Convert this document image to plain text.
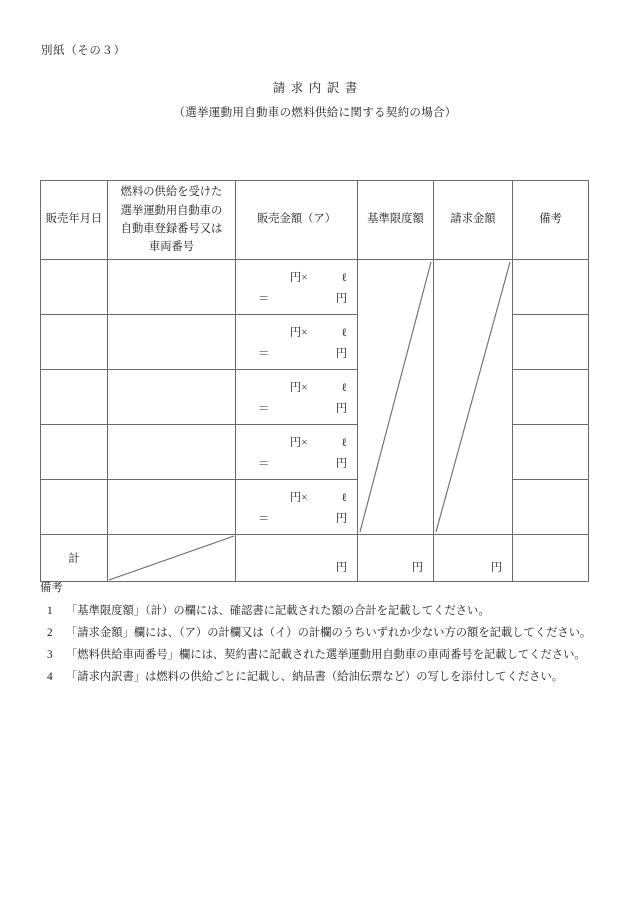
別紙（その３）
請求内訳書
（選挙運動用自動車の燃料供給に関する契約の場合）
販売年月日	燃料の供給を受けた
選挙運動用自動車の
自動車登録番号又は
車両番号	販売金額（ア）	基準限度額	請求金額	備考

		円× ℓ
＝ 円

		円× ℓ
＝ 円			

		円× ℓ
＝ 円			

		円× ℓ
＝ 円			

		円× ℓ
＝ 円			

計		円	円	円	

備考
1 「基準限度額」（計）の欄には、確認書に記載された額の合計を記載してください。
2 「請求金額」欄には、（ア）の計欄又は（イ）の計欄のうちいずれか少ない方の額を記載してください。
3 「燃料供給車両番号」欄には、契約書に記載された選挙運動用自動車の車両番号を記載してください。
4 「請求内訳書」は燃料の供給ごとに記載し、納品書（給油伝票など）の写しを添付してください。
